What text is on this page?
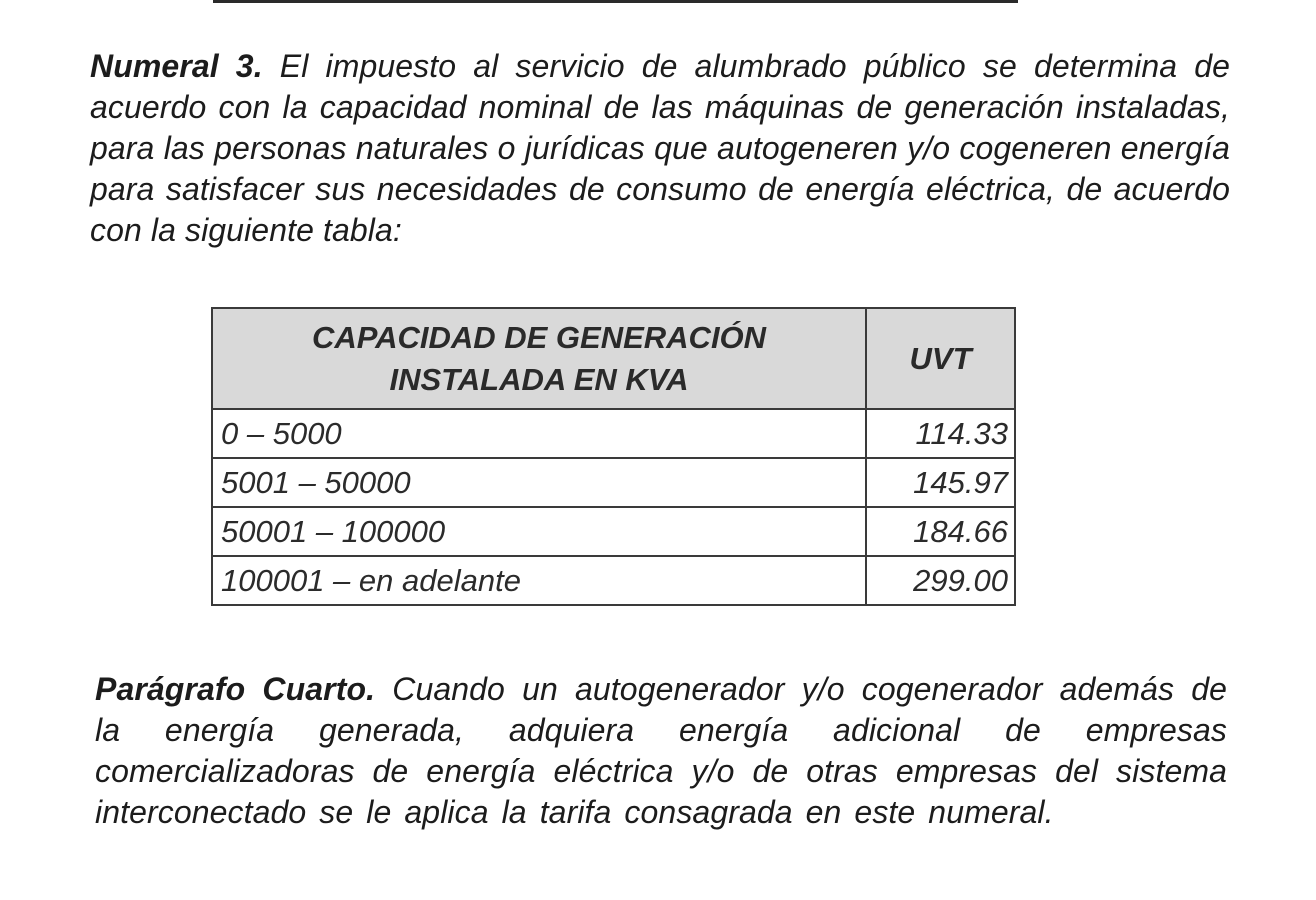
Numeral 3. El impuesto al servicio de alumbrado público se determina de acuerdo con la capacidad nominal de las máquinas de generación instaladas, para las personas naturales o jurídicas que autogeneren y/o cogeneren energía para satisfacer sus necesidades de consumo de energía eléctrica, de acuerdo con la siguiente tabla:

CAPACIDAD DE GENERACIÓN
INSTALADA EN KVA	UVT
0 – 5000	114.33
5001 – 50000	145.97
50001 – 100000	184.66
100001 – en adelante	299.00

Parágrafo Cuarto. Cuando un autogenerador y/o cogenerador además de la energía generada, adquiera energía adicional de empresas comercializadoras de energía eléctrica y/o de otras empresas del sistema interconectado se le aplica la tarifa consagrada en este numeral.
